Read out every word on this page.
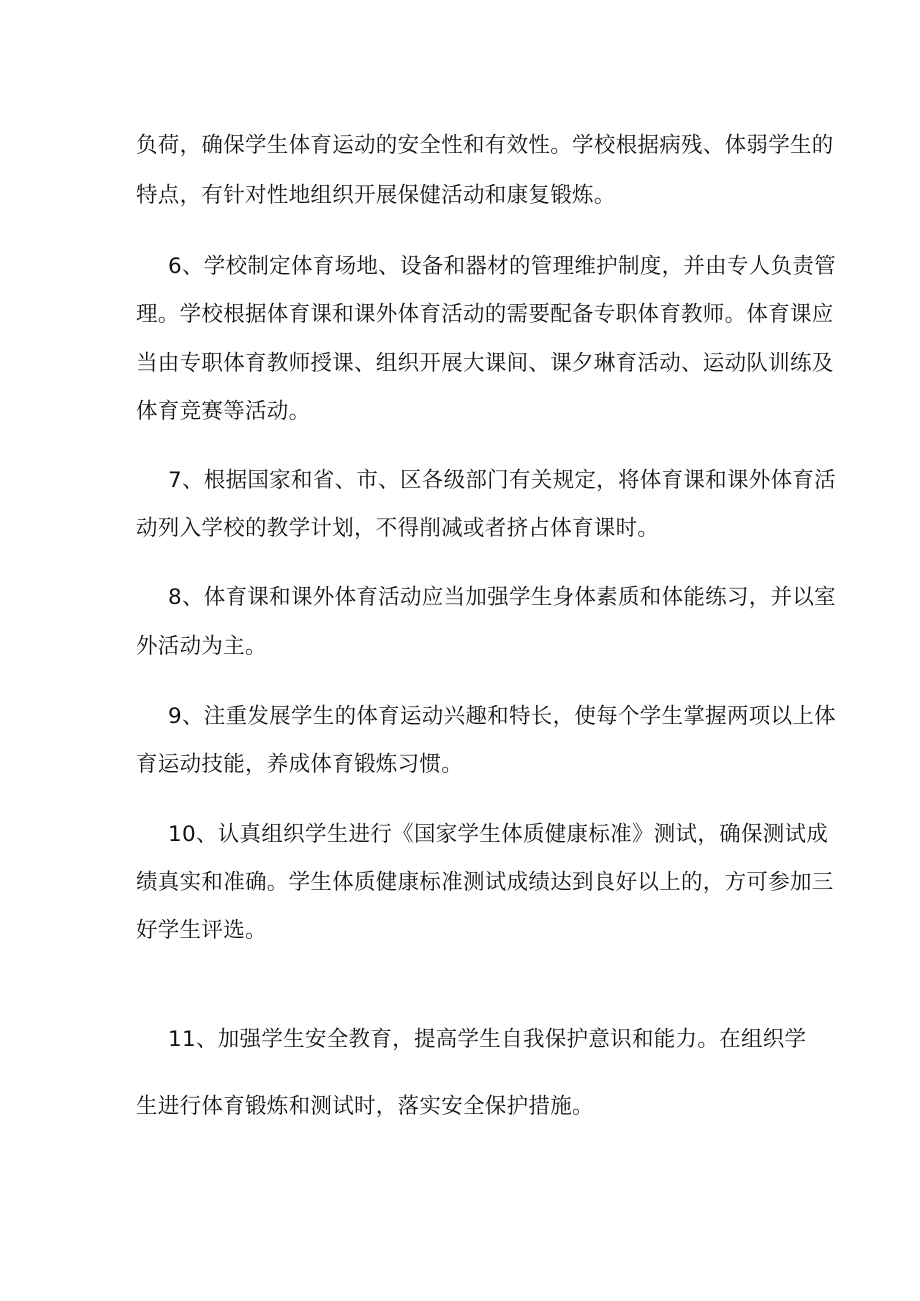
负荷，确保学生体育运动的安全性和有效性。学校根据病残、体弱学生的
特点，有针对性地组织开展保健活动和康复锻炼。
6、学校制定体育场地、设备和器材的管理维护制度，并由专人负责管
理。学校根据体育课和课外体育活动的需要配备专职体育教师。体育课应
当由专职体育教师授课、组织开展大课间、课夕琳育活动、运动队训练及
体育竞赛等活动。
7、根据国家和省、市、区各级部门有关规定，将体育课和课外体育活
动列入学校的教学计划，不得削减或者挤占体育课时。
8、体育课和课外体育活动应当加强学生身体素质和体能练习，并以室
外活动为主。
9、注重发展学生的体育运动兴趣和特长，使每个学生掌握两项以上体
育运动技能，养成体育锻炼习惯。
10、认真组织学生进行《国家学生体质健康标准》测试，确保测试成
绩真实和准确。学生体质健康标准测试成绩达到良好以上的，方可参加三
好学生评选。
11、加强学生安全教育，提高学生自我保护意识和能力。在组织学
生进行体育锻炼和测试时，落实安全保护措施。
